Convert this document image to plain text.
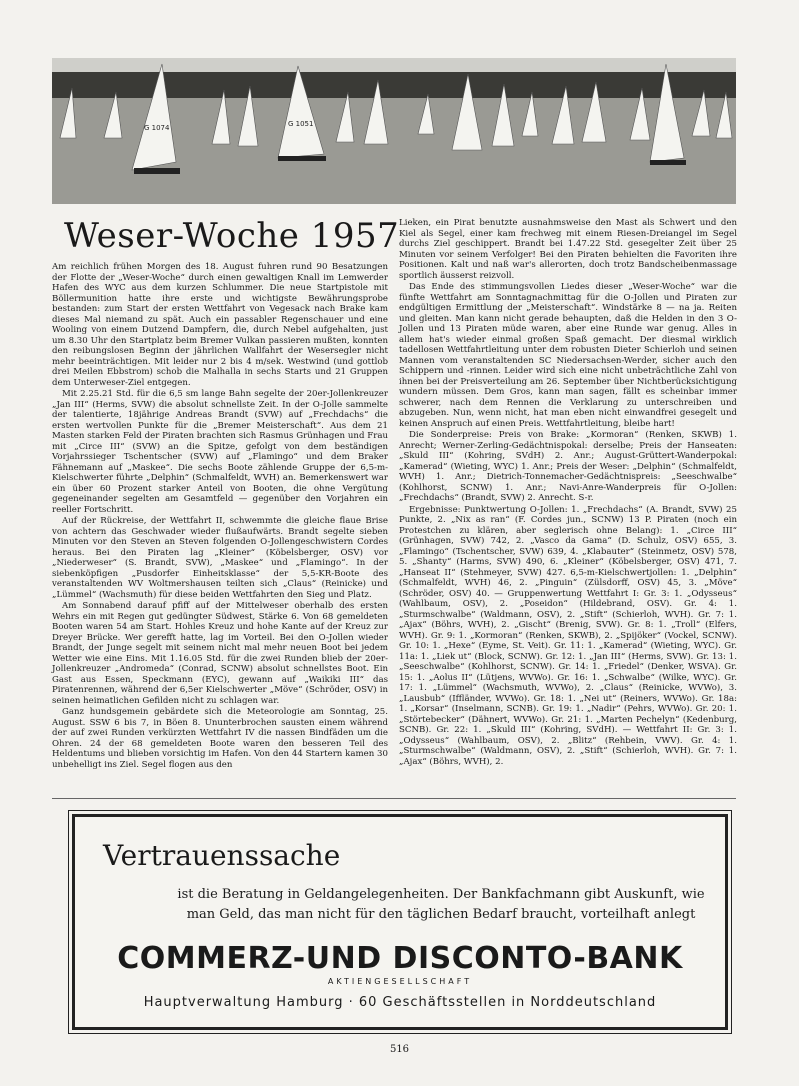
G 1074	G 1051
Weser-Woche 1957

Am reichlich frühen Morgen des 18. August fuhren rund 90 Besatzungen der Flotte der „Weser-Woche“ durch einen gewaltigen Knall im Lemwerder Hafen des WYC aus dem kurzen Schlummer. Die neue Startpistole mit Böllermunition hatte ihre erste und wichtigste Bewährungsprobe bestanden: zum Start der ersten Wettfahrt von Vegesack nach Brake kam dieses Mal niemand zu spät. Auch ein passabler Regenschauer und eine Wooling von einem Dutzend Dampfern, die, durch Nebel aufgehalten, just um 8.30 Uhr den Startplatz beim Bremer Vulkan passieren mußten, konnten den reibungslosen Beginn der jährlichen Wallfahrt der Wesersegler nicht mehr beeinträchtigen. Mit leider nur 2 bis 4 m/sek. Westwind (und gottlob drei Meilen Ebbstrom) schob die Malhalla in sechs Starts und 21 Gruppen dem Unterweser-Ziel entgegen.

Mit 2.25.21 Std. für die 6,5 sm lange Bahn segelte der 20er-Jollenkreuzer „Jan III“ (Herms, SVW) die absolut schnellste Zeit. In der O-Jolle sammelte der talentierte, 18jährige Andreas Brandt (SVW) auf „Frechdachs“ die ersten wertvollen Punkte für die „Bremer Meisterschaft“. Aus dem 21 Masten starken Feld der Piraten brachten sich Rasmus Grünhagen und Frau mit „Circe III“ (SVW) an die Spitze, gefolgt von dem beständigen Vorjahrssieger Tschentscher (SVW) auf „Flamingo“ und dem Braker Fähnemann auf „Maskee“. Die sechs Boote zählende Gruppe der 6,5-m-Kielschwerter führte „Delphin“ (Schmalfeldt, WVH) an. Bemerkenswert war ein über 60 Prozent starker Anteil von Booten, die ohne Vergütung gegeneinander segelten am Gesamtfeld — gegenüber den Vorjahren ein reeller Fortschritt.

Auf der Rückreise, der Wettfahrt II, schwemmte die gleiche flaue Brise von achtern das Geschwader wieder flußaufwärts. Brandt segelte sieben Minuten vor den Steven an Steven folgenden O-Jollengeschwistern Cordes heraus. Bei den Piraten lag „Kleiner“ (Köbelsberger, OSV) vor „Niederweser“ (S. Brandt, SVW), „Maskee“ und „Flamingo“. In der siebenköpfigen „Pusdorfer Einheitsklasse“ der 5,5-KR-Boote des veranstaltenden WV Woltmershausen teilten sich „Claus“ (Reinicke) und „Lümmel“ (Wachsmuth) für diese beiden Wettfahrten den Sieg und Platz.

Am Sonnabend darauf pfiff auf der Mittelweser oberhalb des ersten Wehrs ein mit Regen gut gedüngter Südwest, Stärke 6. Von 68 gemeldeten Booten waren 54 am Start. Hohles Kreuz und hohe Kante auf der Kreuz zur Dreyer Brücke. Wer gerefft hatte, lag im Vorteil. Bei den O-Jollen wieder Brandt, der Junge segelt mit seinem nicht mal mehr neuen Boot bei jedem Wetter wie eine Eins. Mit 1.16.05 Std. für die zwei Runden blieb der 20er-Jollenkreuzer „Andromeda“ (Conrad, SCNW) absolut schnellstes Boot. Ein Gast aus Essen, Speckmann (EYC), gewann auf „Waikiki III“ das Piratenrennen, während der 6,5er Kielschwerter „Möve“ (Schröder, OSV) in seinen heimatlichen Gefilden nicht zu schlagen war.

Ganz hundsgemein gebärdete sich die Meteorologie am Sonntag, 25. August. SSW 6 bis 7, in Böen 8. Ununterbrochen sausten einem während der auf zwei Runden verkürzten Wettfahrt IV die nassen Bindfäden um die Ohren. 24 der 68 gemeldeten Boote waren den besseren Teil des Heldentums und blieben vorsichtig im Hafen. Von den 44 Startern kamen 30 unbehelligt ins Ziel. Segel flogen aus den

Lieken, ein Pirat benutzte ausnahmsweise den Mast als Schwert und den Kiel als Segel, einer kam frechweg mit einem Riesen-Dreiangel im Segel durchs Ziel geschippert. Brandt bei 1.47.22 Std. gesegelter Zeit über 25 Minuten vor seinem Verfolger! Bei den Piraten behielten die Favoriten ihre Positionen. Kalt und naß war's allerorten, doch trotz Bandscheibenmassage sportlich äusserst reizvoll.

Das Ende des stimmungsvollen Liedes dieser „Weser-Woche“ war die fünfte Wettfahrt am Sonntagnachmittag für die O-Jollen und Piraten zur endgültigen Ermittlung der „Meisterschaft“. Windstärke 8 — na ja. Reiten und gleiten. Man kann nicht gerade behaupten, daß die Helden in den 3 O-Jollen und 13 Piraten müde waren, aber eine Runde war genug. Alles in allem hat's wieder einmal großen Spaß gemacht. Der diesmal wirklich tadellosen Wettfahrtleitung unter dem robusten Dieter Schierloh und seinen Mannen vom veranstaltenden SC Niedersachsen-Werder, sicher auch den Schippern und -rinnen. Leider wird sich eine nicht unbeträchtliche Zahl von ihnen bei der Preisverteilung am 26. September über Nichtberücksichtigung wundern müssen. Dem Gros, kann man sagen, fällt es scheinbar immer schwerer, nach dem Rennen die Verklarung zu unterschreiben und abzugeben. Nun, wenn nicht, hat man eben nicht einwandfrei gesegelt und keinen Anspruch auf einen Preis. Wettfahrtleitung, bleibe hart!

Die Sonderpreise: Preis von Brake: „Kormoran“ (Renken, SKWB) 1. Anrecht; Werner-Zerling-Gedächtnispokal: derselbe; Preis der Hanseaten: „Skuld III“ (Kohring, SVdH) 2. Anr.; August-Grüttert-Wanderpokal: „Kamerad“ (Wieting, WYC) 1. Anr.; Preis der Weser: „Delphin“ (Schmalfeldt, WVH) 1. Anr.; Dietrich-Tonnemacher-Gedächtnispreis: „Seeschwalbe“ (Kohlhorst, SCNW) 1. Anr.; Navi-Anre-Wanderpreis für O-Jollen: „Frechdachs“ (Brandt, SVW) 2. Anrecht. S-r.

Ergebnisse: Punktwertung O-Jollen: 1. „Frechdachs“ (A. Brandt, SVW) 25 Punkte, 2. „Nix as ran“ (F. Cordes jun., SCNW) 13 P. Piraten (noch ein Protestchen zu klären, aber seglerisch ohne Belang): 1. „Circe III“ (Grünhagen, SVW) 742, 2. „Vasco da Gama“ (D. Schulz, OSV) 655, 3. „Flamingo“ (Tschentscher, SVW) 639, 4. „Klabauter“ (Steinmetz, OSV) 578, 5. „Shanty“ (Harms, SVW) 490, 6. „Kleiner“ (Köbelsberger, OSV) 471, 7. „Hanseat II“ (Stehmeyer, SVW) 427. 6,5-m-Kielschwertjollen: 1. „Delphin“ (Schmalfeldt, WVH) 46, 2. „Pinguin“ (Zülsdorff, OSV) 45, 3. „Möve“ (Schröder, OSV) 40. — Gruppenwertung Wettfahrt I: Gr. 3: 1. „Odysseus“ (Wahlbaum, OSV), 2. „Poseidon“ (Hildebrand, OSV). Gr. 4: 1. „Sturmschwalbe“ (Waldmann, OSV), 2. „Stift“ (Schierloh, WVH). Gr. 7: 1. „Ajax“ (Böhrs, WVH), 2. „Gischt“ (Brenig, SVW). Gr. 8: 1. „Troll“ (Elfers, WVH). Gr. 9: 1. „Kormoran“ (Renken, SKWB), 2. „Spijöker“ (Vockel, SCNW). Gr. 10: 1. „Hexe“ (Eyme, St. Veit). Gr. 11: 1. „Kamerad“ (Wieting, WYC). Gr. 11a: 1. „Liek ut“ (Block, SCNW). Gr. 12: 1. „Jan III“ (Herms, SVW). Gr. 13: 1. „Seeschwalbe“ (Kohlhorst, SCNW). Gr. 14: 1. „Friedel“ (Denker, WSVA). Gr. 15: 1. „Aolus II“ (Lütjens, WVWo). Gr. 16: 1. „Schwalbe“ (Wilke, WYC). Gr. 17: 1. „Lümmel“ (Wachsmuth, WVWo), 2. „Claus“ (Reinicke, WVWo), 3. „Lausbub“ (Iffländer, WVWo). Gr. 18: 1. „Nei ut“ (Reiners, WVWo). Gr. 18a: 1. „Korsar“ (Inselmann, SCNB). Gr. 19: 1. „Nadir“ (Pehrs, WVWo). Gr. 20: 1. „Störtebecker“ (Dähnert, WVWo). Gr. 21: 1. „Marten Pechelyn“ (Kedenburg, SCNB). Gr. 22: 1. „Skuld III“ (Kohring, SVdH). — Wettfahrt II: Gr. 3: 1. „Odysseus“ (Wahlbaum, OSV), 2. „Blitz“ (Rehbein, VWV). Gr. 4: 1. „Sturmschwalbe“ (Waldmann, OSV), 2. „Stift“ (Schierloh, WVH). Gr. 7: 1. „Ajax“ (Böhrs, WVH), 2.

Vertrauenssache
ist die Beratung in Geldangelegenheiten. Der Bankfachmann gibt Auskunft, wie
man Geld, das man nicht für den täglichen Bedarf braucht, vorteilhaft anlegt
COMMERZ-UND DISCONTO-BANK
AKTIENGESELLSCHAFT
Hauptverwaltung Hamburg · 60 Geschäftsstellen in Norddeutschland
516
